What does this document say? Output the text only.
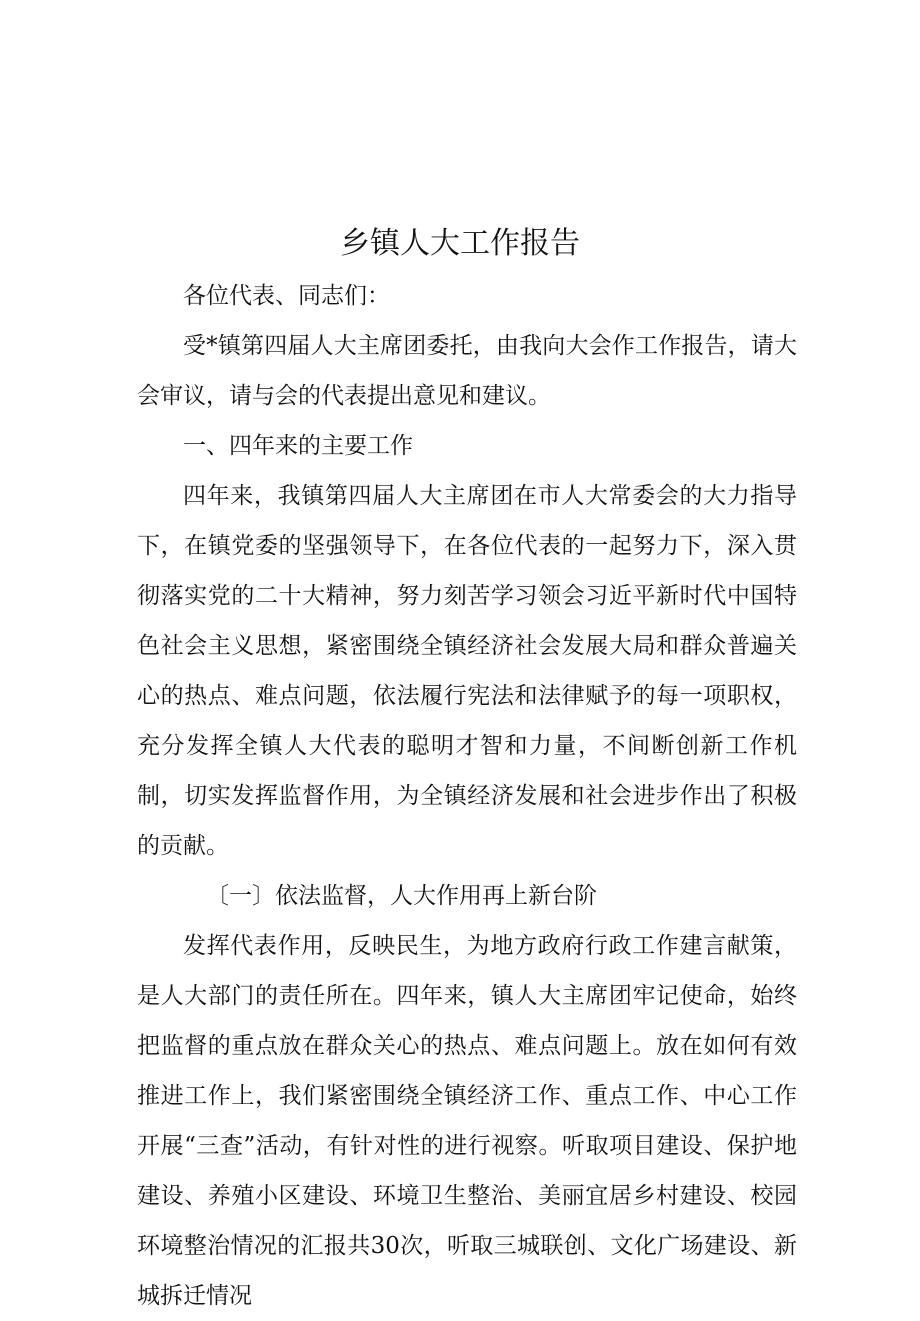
乡镇人大工作报告

各位代表、同志们：

受*镇第四届人大主席团委托，由我向大会作工作报告，请大会审议，请与会的代表提出意见和建议。

一、四年来的主要工作

四年来，我镇第四届人大主席团在市人大常委会的大力指导下，在镇党委的坚强领导下，在各位代表的一起努力下，深入贯彻落实党的二十大精神，努力刻苦学习领会习近平新时代中国特色社会主义思想，紧密围绕全镇经济社会发展大局和群众普遍关心的热点、难点问题，依法履行宪法和法律赋予的每一项职权，充分发挥全镇人大代表的聪明才智和力量，不间断创新工作机制，切实发挥监督作用，为全镇经济发展和社会进步作出了积极的贡献。

〔一〕依法监督，人大作用再上新台阶

发挥代表作用，反映民生，为地方政府行政工作建言献策，是人大部门的责任所在。四年来，镇人大主席团牢记使命，始终把监督的重点放在群众关心的热点、难点问题上。放在如何有效推进工作上，我们紧密围绕全镇经济工作、重点工作、中心工作开展“三查”活动，有针对性的进行视察。听取项目建设、保护地建设、养殖小区建设、环境卫生整治、美丽宜居乡村建设、校园环境整治情况的汇报共30次，听取三城联创、文化广场建设、新城拆迁情况
